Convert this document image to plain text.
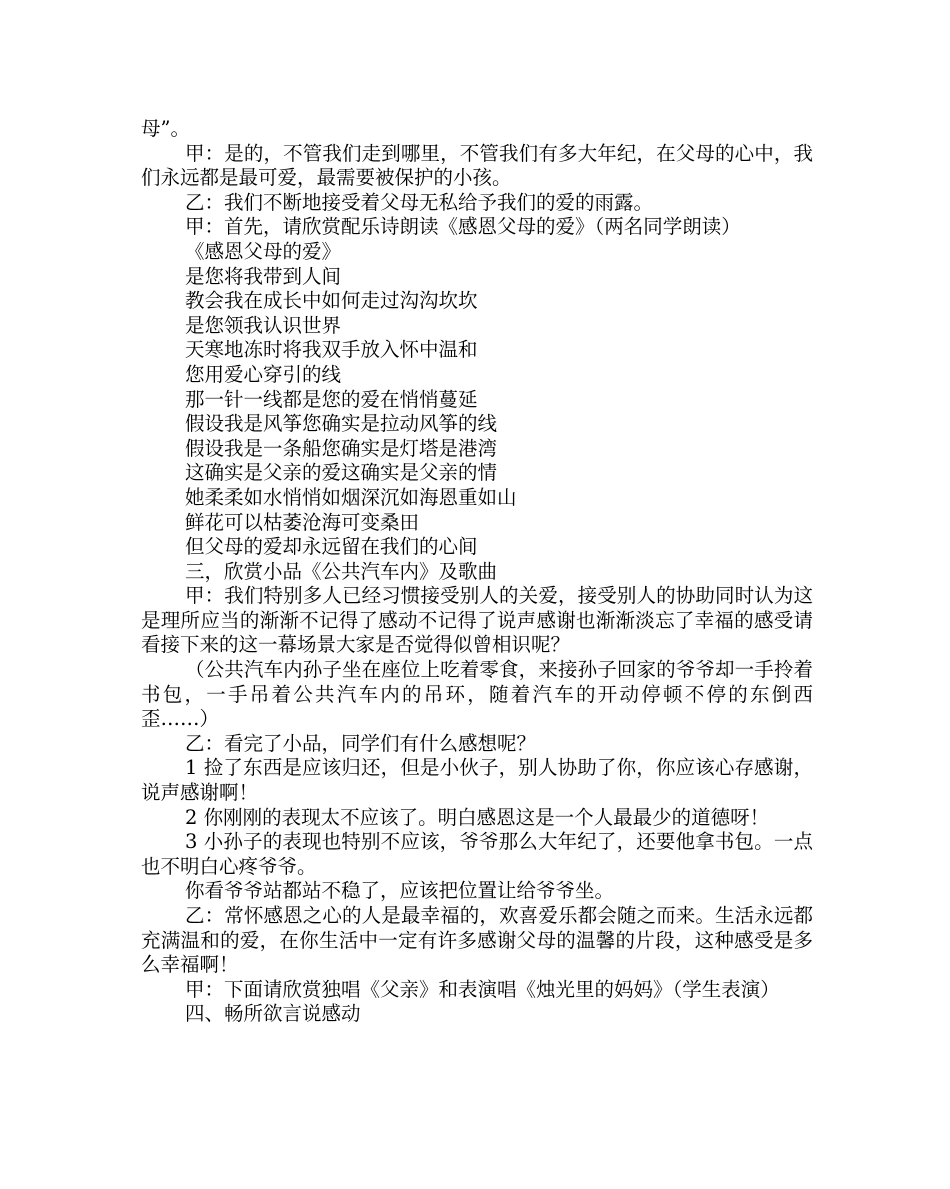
母”。

甲：是的，不管我们走到哪里，不管我们有多大年纪，在父母的心中，我们永远都是最可爱，最需要被保护的小孩。

乙：我们不断地接受着父母无私给予我们的爱的雨露。

甲：首先，请欣赏配乐诗朗读《感恩父母的爱》（两名同学朗读）

《感恩父母的爱》

是您将我带到人间

教会我在成长中如何走过沟沟坎坎

是您领我认识世界

天寒地冻时将我双手放入怀中温和

您用爱心穿引的线

那一针一线都是您的爱在悄悄蔓延

假设我是风筝您确实是拉动风筝的线

假设我是一条船您确实是灯塔是港湾

这确实是父亲的爱这确实是父亲的情

她柔柔如水悄悄如烟深沉如海恩重如山

鲜花可以枯萎沧海可变桑田

但父母的爱却永远留在我们的心间

三，欣赏小品《公共汽车内》及歌曲

甲：我们特别多人已经习惯接受别人的关爱，接受别人的协助同时认为这是理所应当的渐渐不记得了感动不记得了说声感谢也渐渐淡忘了幸福的感受请看接下来的这一幕场景大家是否觉得似曾相识呢？

（公共汽车内孙子坐在座位上吃着零食，来接孙子回家的爷爷却一手拎着书包，一手吊着公共汽车内的吊环，随着汽车的开动停顿不停的东倒西歪……）

乙：看完了小品，同学们有什么感想呢？

1 捡了东西是应该归还，但是小伙子，别人协助了你，你应该心存感谢，说声感谢啊！

2 你刚刚的表现太不应该了。明白感恩这是一个人最最少的道德呀！

3 小孙子的表现也特别不应该，爷爷那么大年纪了，还要他拿书包。一点也不明白心疼爷爷。

你看爷爷站都站不稳了，应该把位置让给爷爷坐。

乙：常怀感恩之心的人是最幸福的，欢喜爱乐都会随之而来。生活永远都充满温和的爱，在你生活中一定有许多感谢父母的温馨的片段，这种感受是多么幸福啊！

甲：下面请欣赏独唱《父亲》和表演唱《烛光里的妈妈》（学生表演）

四、畅所欲言说感动
